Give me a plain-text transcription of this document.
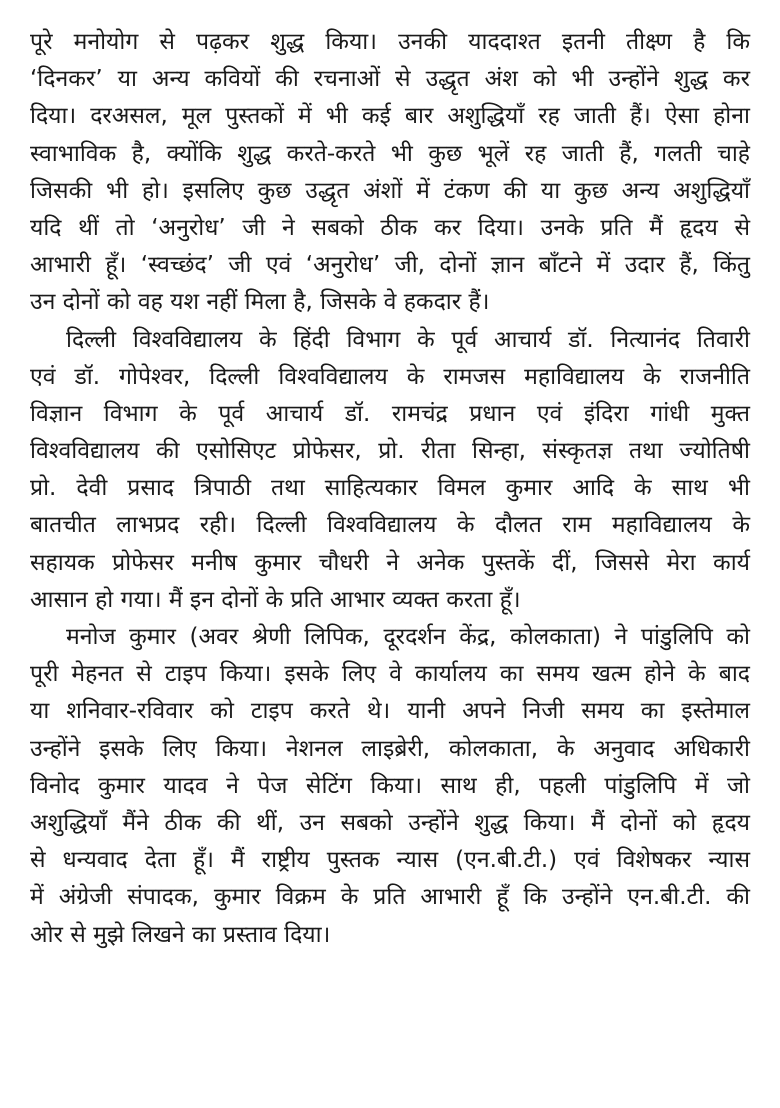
पूरे मनोयोग से पढ़कर शुद्ध किया। उनकी याददाश्त इतनी तीक्ष्ण है कि
‘दिनकर’ या अन्य कवियों की रचनाओं से उद्धृत अंश को भी उन्होंने शुद्ध कर
दिया। दरअसल, मूल पुस्तकों में भी कई बार अशुद्धियाँ रह जाती हैं। ऐसा होना
स्वाभाविक है, क्योंकि शुद्ध करते-करते भी कुछ भूलें रह जाती हैं, गलती चाहे
जिसकी भी हो। इसलिए कुछ उद्धृत अंशों में टंकण की या कुछ अन्य अशुद्धियाँ
यदि थीं तो ‘अनुरोध’ जी ने सबको ठीक कर दिया। उनके प्रति मैं हृदय से
आभारी हूँ। ‘स्वच्छंद’ जी एवं ‘अनुरोध’ जी, दोनों ज्ञान बाँटने में उदार हैं, किंतु
उन दोनों को वह यश नहीं मिला है, जिसके वे हकदार हैं।
दिल्ली विश्वविद्यालय के हिंदी विभाग के पूर्व आचार्य डॉ. नित्यानंद तिवारी
एवं डॉ. गोपेश्वर, दिल्ली विश्वविद्यालय के रामजस महाविद्यालय के राजनीति
विज्ञान विभाग के पूर्व आचार्य डॉ. रामचंद्र प्रधान एवं इंदिरा गांधी मुक्त
विश्वविद्यालय की एसोसिएट प्रोफेसर, प्रो. रीता सिन्हा, संस्कृतज्ञ तथा ज्योतिषी
प्रो. देवी प्रसाद त्रिपाठी तथा साहित्यकार विमल कुमार आदि के साथ भी
बातचीत लाभप्रद रही। दिल्ली विश्वविद्यालय के दौलत राम महाविद्यालय के
सहायक प्रोफेसर मनीष कुमार चौधरी ने अनेक पुस्तकें दीं, जिससे मेरा कार्य
आसान हो गया। मैं इन दोनों के प्रति आभार व्यक्त करता हूँ।
मनोज कुमार (अवर श्रेणी लिपिक, दूरदर्शन केंद्र, कोलकाता) ने पांडुलिपि को
पूरी मेहनत से टाइप किया। इसके लिए वे कार्यालय का समय खत्म होने के बाद
या शनिवार-रविवार को टाइप करते थे। यानी अपने निजी समय का इस्तेमाल
उन्होंने इसके लिए किया। नेशनल लाइब्रेरी, कोलकाता, के अनुवाद अधिकारी
विनोद कुमार यादव ने पेज सेटिंग किया। साथ ही, पहली पांडुलिपि में जो
अशुद्धियाँ मैंने ठीक की थीं, उन सबको उन्होंने शुद्ध किया। मैं दोनों को हृदय
से धन्यवाद देता हूँ। मैं राष्ट्रीय पुस्तक न्यास (एन.बी.टी.) एवं विशेषकर न्यास
में अंग्रेजी संपादक, कुमार विक्रम के प्रति आभारी हूँ कि उन्होंने एन.बी.टी. की
ओर से मुझे लिखने का प्रस्ताव दिया।
